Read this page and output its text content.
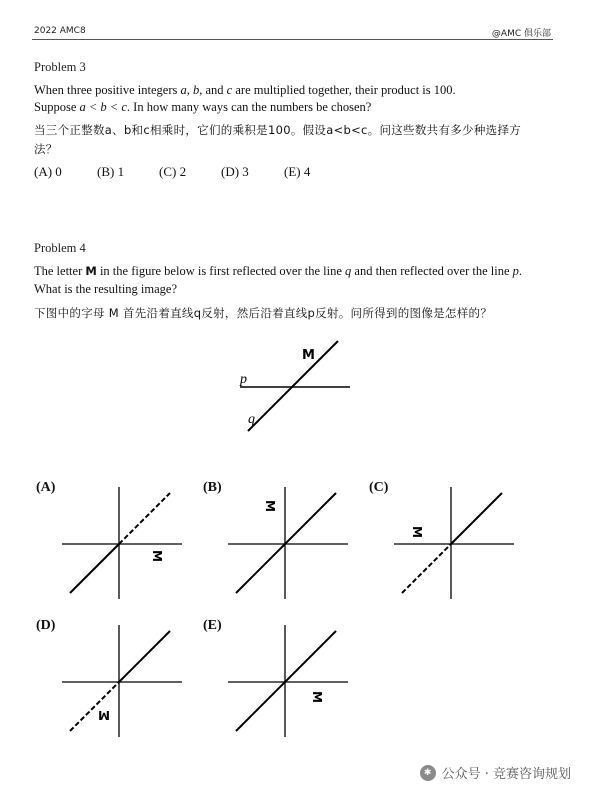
2022 AMC8	@AMC 俱乐部
Problem 3
When three positive integers a, b, and c are multiplied together, their product is 100.
Suppose a < b < c. In how many ways can the numbers be chosen?
当三个正整数a、b和c相乘时，它们的乘积是100。假设a<b<c。问这些数共有多少种选择方
法？
(A) 0	(B) 1	(C) 2	(D) 3	(E) 4
Problem 4
The letter M in the figure below is first reflected over the line q and then reflected over the line p.
What is the resulting image?
下图中的字母 M 首先沿着直线q反射，然后沿着直线p反射。问所得到的图像是怎样的？
M
p
q
(A)
M
(B)
M
(C)
M
(D)
M
(E)
M
✱ 公众号 · 竞赛咨询规划
